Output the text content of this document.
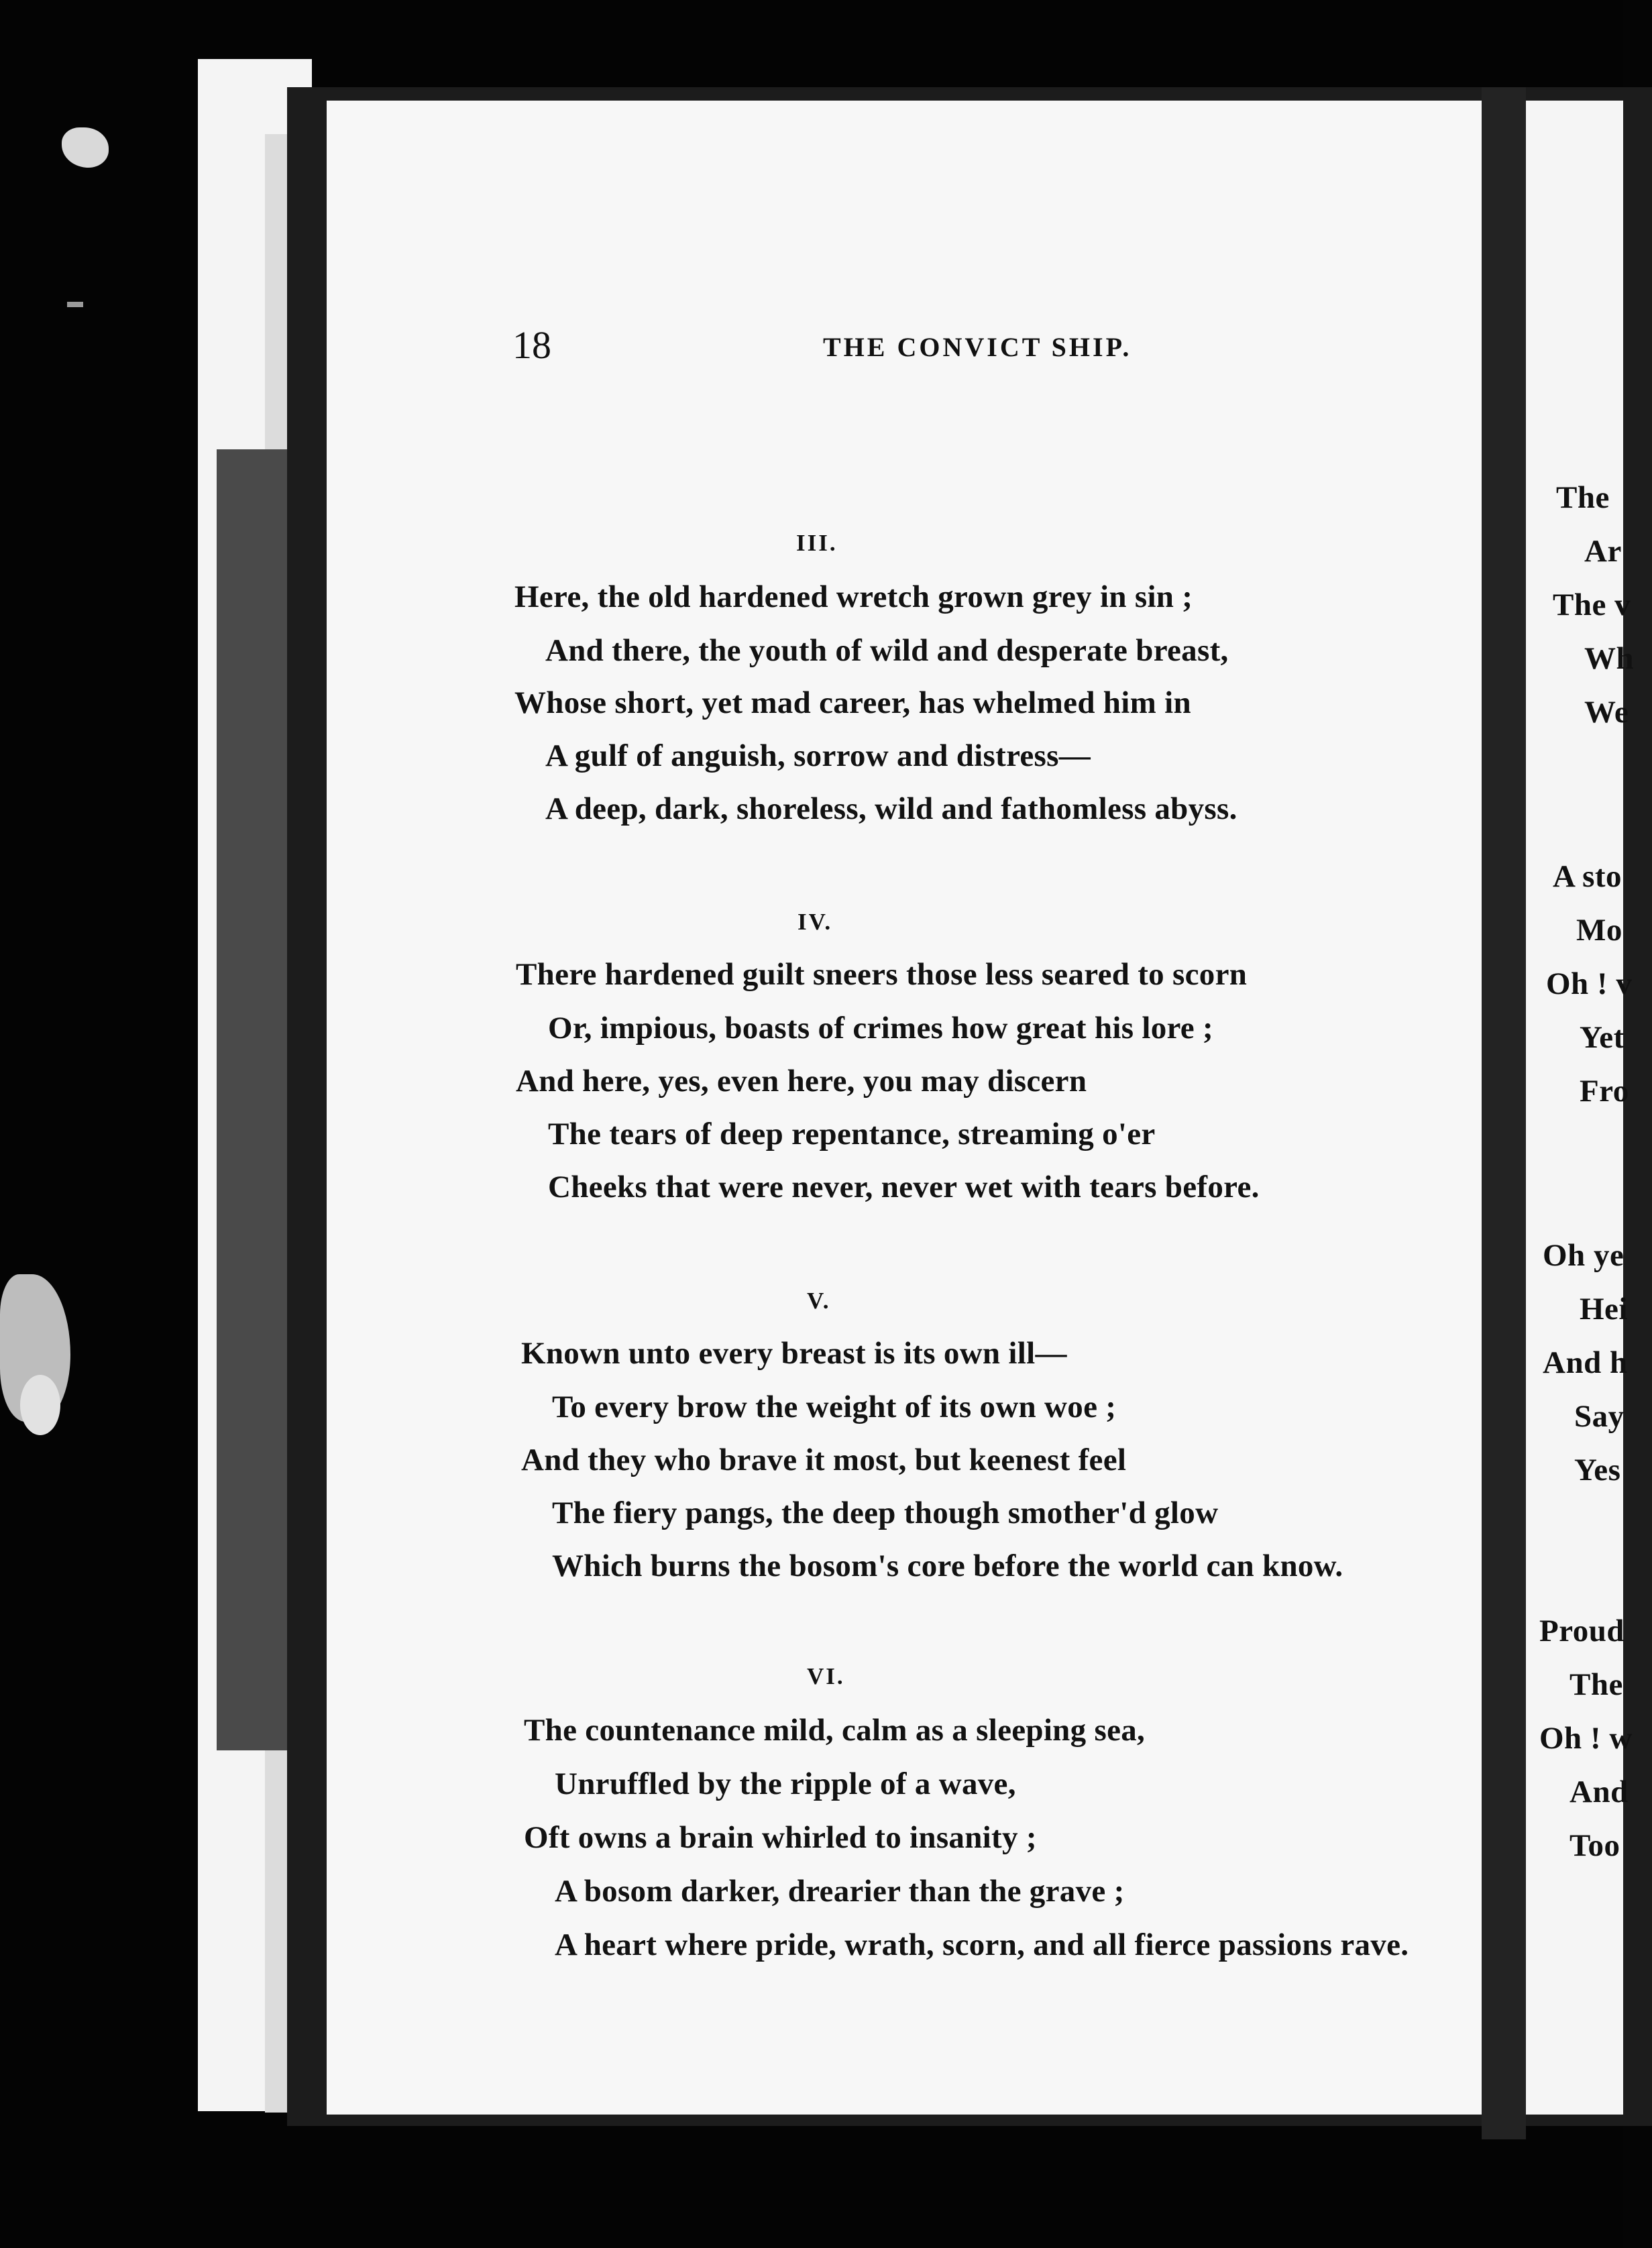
18	THE CONVICT SHIP.
III.
Here, the old hardened wretch grown grey in sin ;
And there, the youth of wild and desperate breast,
Whose short, yet mad career, has whelmed him in
A gulf of anguish, sorrow and distress—
A deep, dark, shoreless, wild and fathomless abyss.
IV.
There hardened guilt sneers those less seared to scorn
Or, impious, boasts of crimes how great his lore ;
And here, yes, even here, you may discern
The tears of deep repentance, streaming o'er
Cheeks that were never, never wet with tears before.
V.
Known unto every breast is its own ill—
To every brow the weight of its own woe ;
And they who brave it most, but keenest feel
The fiery pangs, the deep though smother'd glow
Which burns the bosom's core before the world can know.
VI.
The countenance mild, calm as a sleeping sea,
Unruffled by the ripple of a wave,
Oft owns a brain whirled to insanity ;
A bosom darker, drearier than the grave ;
A heart where pride, wrath, scorn, and all fierce passions rave.
The
Ar
The v
Wh
We
A sto
Mo
Oh ! v
Yet
Fro
Oh ye
Hei
And h
Say
Yes
Proud
The
Oh ! w
And
Too
